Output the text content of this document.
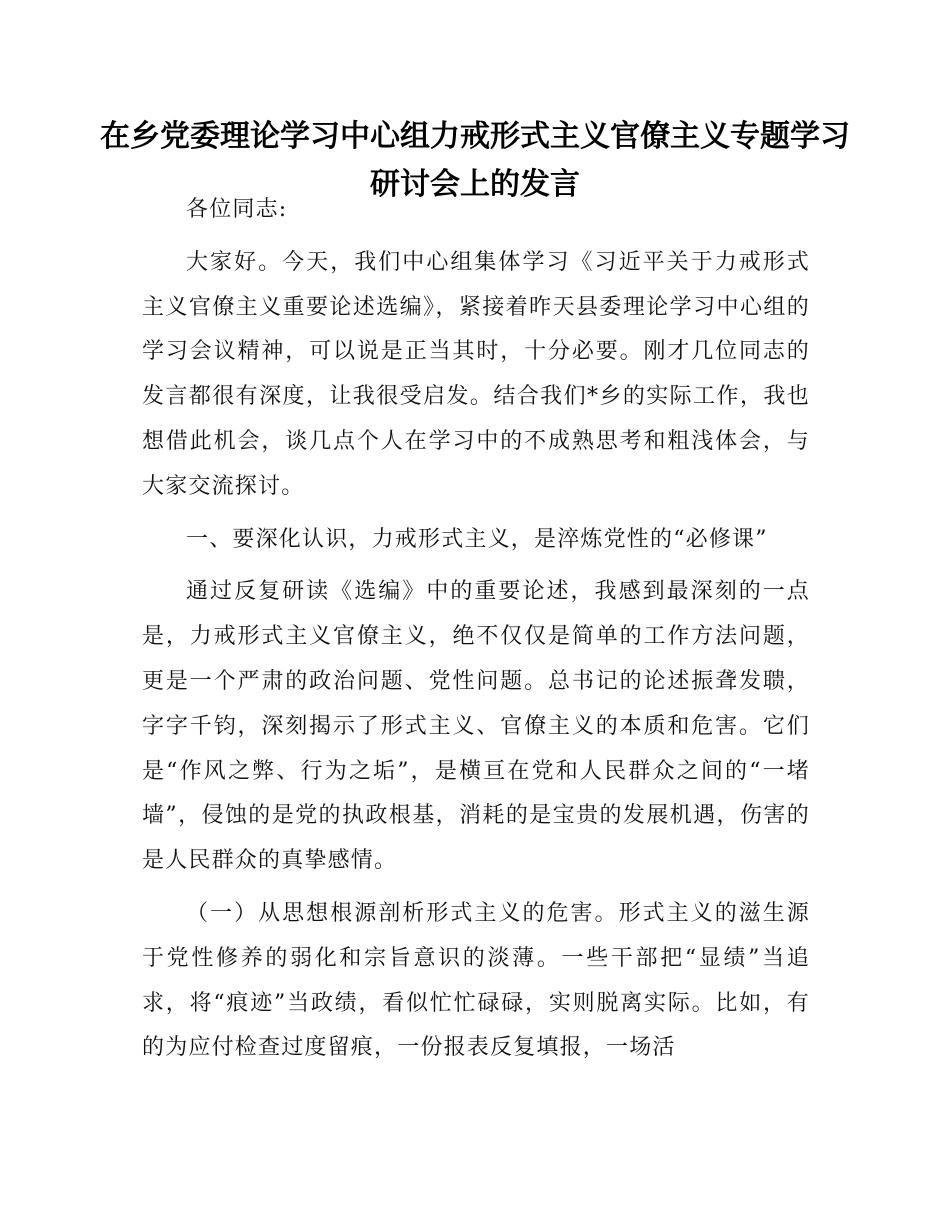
在乡党委理论学习中心组力戒形式主义官僚主义专题学习研讨会上的发言

各位同志:

大家好。今天，我们中心组集体学习《习近平关于力戒形式主义官僚主义重要论述选编》，紧接着昨天县委理论学习中心组的学习会议精神，可以说是正当其时，十分必要。刚才几位同志的发言都很有深度，让我很受启发。结合我们*乡的实际工作，我也想借此机会，谈几点个人在学习中的不成熟思考和粗浅体会，与大家交流探讨。

一、要深化认识，力戒形式主义，是淬炼党性的“必修课”

通过反复研读《选编》中的重要论述，我感到最深刻的一点是，力戒形式主义官僚主义，绝不仅仅是简单的工作方法问题，更是一个严肃的政治问题、党性问题。总书记的论述振聋发聩，字字千钧，深刻揭示了形式主义、官僚主义的本质和危害。它们是“作风之弊、行为之垢”，是横亘在党和人民群众之间的“一堵墙”，侵蚀的是党的执政根基，消耗的是宝贵的发展机遇，伤害的是人民群众的真挚感情。

（一）从思想根源剖析形式主义的危害。形式主义的滋生源于党性修养的弱化和宗旨意识的淡薄。一些干部把“显绩”当追求，将“痕迹”当政绩，看似忙忙碌碌，实则脱离实际。比如，有的为应付检查过度留痕，一份报表反复填报，一场活
